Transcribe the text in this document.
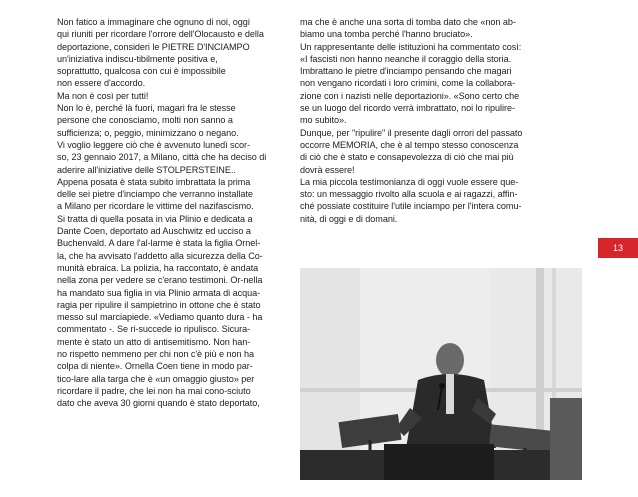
Non fatico a immaginare che ognuno di noi, oggi
qui riuniti per ricordare l'orrore dell'Olocausto e della
deportazione, consideri le PIETRE D'INCIAMPO
un'iniziativa indiscu-tibilmente positiva e,
soprattutto, qualcosa con cui è impossibile
non essere d'accordo.
Ma non è così per tutti!
Non lo è, perché là fuori, magari fra le stesse
persone che conosciamo, molti non sanno a
sufficienza; o, peggio, minimizzano o negano.
Vi voglio leggere ciò che è avvenuto lunedì scor-
so, 23 gennaio 2017, a Milano, città che ha deciso di
aderire all'iniziative delle STOLPERSTEINE..
Appena posata è stata subito imbrattata la prima
delle sei pietre d'inciampo che verranno installate
a Milano per ricordare le vittime del nazifascismo.
Si tratta di quella posata in via Plinio e dedicata a
Dante Coen, deportato ad Auschwitz ed ucciso a
Buchenvald. A dare l'al-larme è stata la figlia Ornel-
la, che ha avvisato l'addetto alla sicurezza della Co-
munità ebraica. La polizia, ha raccontato, è andata
nella zona per vedere se c'erano testimoni. Or-nella
ha mandato sua figlia in via Plinio armata di acqua-
ragia per ripulire il sampietrino in ottone che è stato
messo sul marciapiede. «Vediamo quanto dura - ha
commentato -. Se ri-succede io ripulisco. Sicura-
mente è stato un atto di antisemitismo. Non han-
no rispetto nemmeno per chi non c'è più e non ha
colpa di niente». Ornella Coen tiene in modo par-
tico-lare alla targa che è «un omaggio giusto» per
ricordare il padre, che lei non ha mai cono-sciuto
dato che aveva 30 giorni quando è stato deportato,
ma che è anche una sorta di tomba dato che «non ab-
biamo una tomba perché l'hanno bruciato».
Un rappresentante delle istituzioni ha commentato così:
«I fascisti non hanno neanche il coraggio della storia.
Imbrattano le pietre d'inciampo pensando che magari
non vengano ricordati i loro crimini, come la collabora-
zione con i nazisti nelle deportazioni». «Sono certo che
se un luogo del ricordo verrà imbrattato, noi lo ripulire-
mo subito».
Dunque, per "ripulire" il presente dagli orrori del passato
occorre MEMORIA, che è al tempo stesso conoscenza
di ciò che è stato e consapevolezza di ciò che mai più
dovrà essere!
La mia piccola testimonianza di oggi vuole essere que-
sto: un messaggio rivolto alla scuola e ai ragazzi, affin-
ché possiate costituire l'utile inciampo per l'intera comu-
nità, di oggi e di domani.
13
